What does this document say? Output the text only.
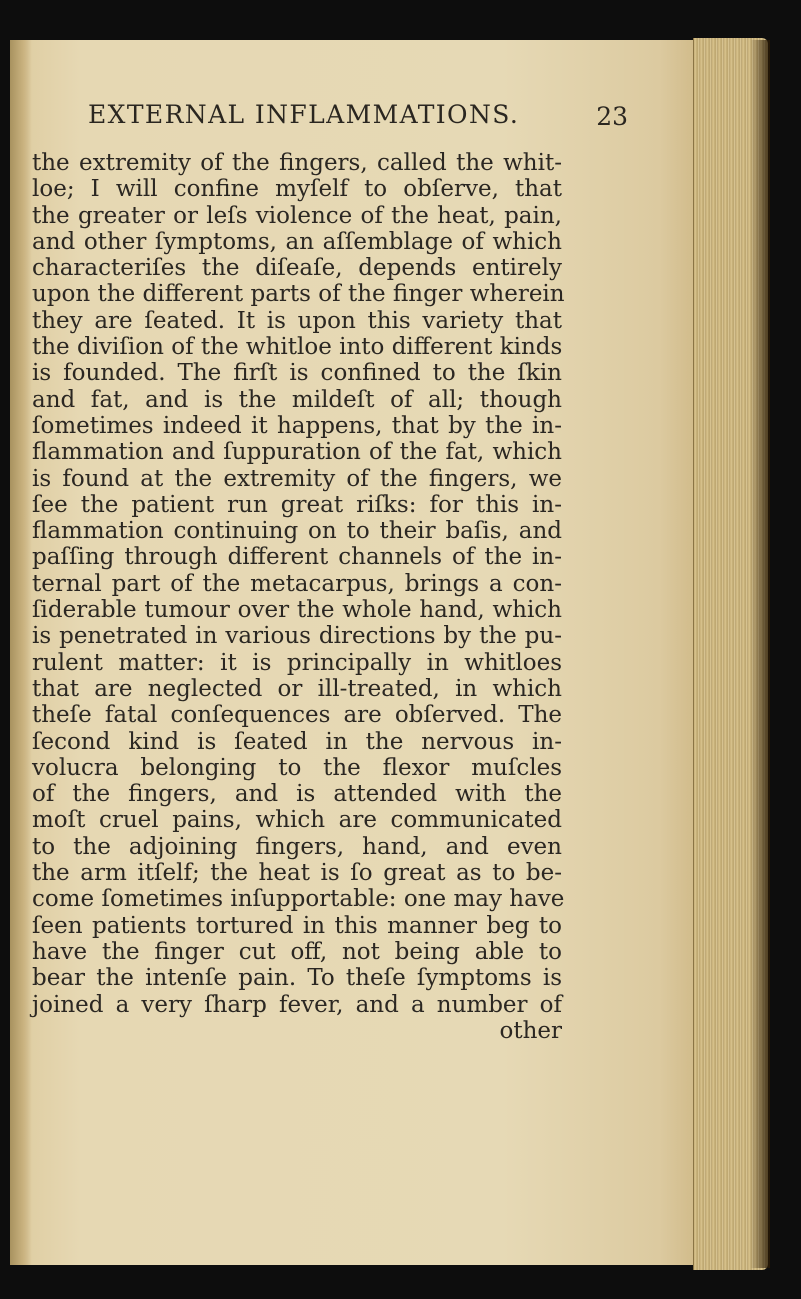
EXTERNAL INFLAMMATIONS.	23
the extremity of the fingers, called the whit-
loe; I will confine myſelf to obſerve, that
the greater or leſs violence of the heat, pain,
and other ſymptoms, an aſſemblage of which
characteriſes the diſeaſe, depends entirely
upon the different parts of the finger wherein
they are ſeated. It is upon this variety that
the diviſion of the whitloe into different kinds
is founded. The firſt is confined to the ſkin
and fat, and is the mildeſt of all; though
ſometimes indeed it happens, that by the in-
flammation and ſuppuration of the fat, which
is found at the extremity of the fingers, we
ſee the patient run great riſks: for this in-
flammation continuing on to their baſis, and
paſſing through different channels of the in-
ternal part of the metacarpus, brings a con-
ſiderable tumour over the whole hand, which
is penetrated in various directions by the pu-
rulent matter: it is principally in whitloes
that are neglected or ill-treated, in which
theſe fatal conſequences are obſerved. The
ſecond kind is ſeated in the nervous in-
volucra belonging to the flexor muſcles
of the fingers, and is attended with the
moſt cruel pains, which are communicated
to the adjoining fingers, hand, and even
the arm itſelf; the heat is ſo great as to be-
come ſometimes inſupportable: one may have
ſeen patients tortured in this manner beg to
have the finger cut off, not being able to
bear the intenſe pain. To theſe ſymptoms is
joined a very ſharp fever, and a number of
other
